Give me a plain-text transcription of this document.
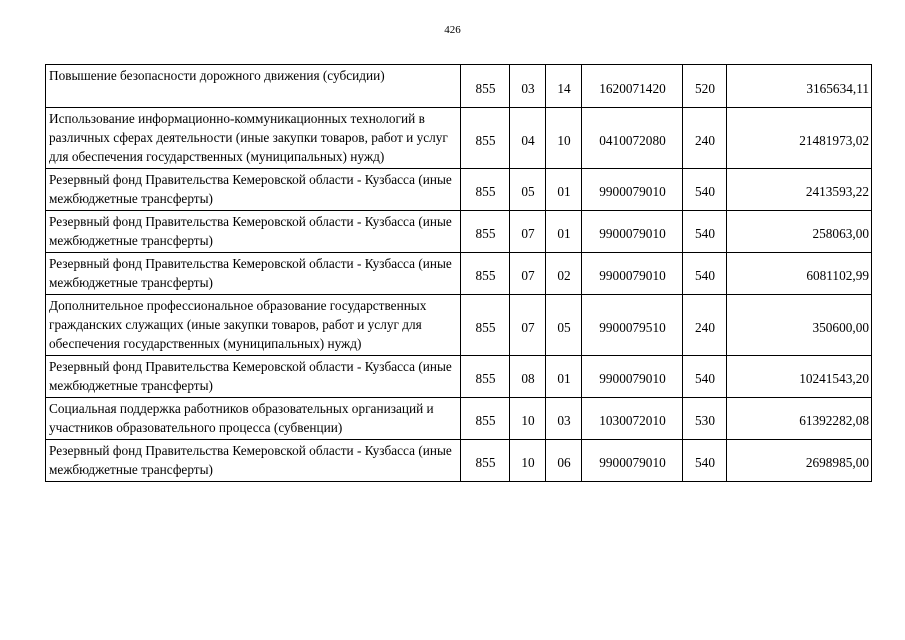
426
Повышение безопасности дорожного движения (субсидии)	855	03	14	1620071420	520	3165634,11
Использование информационно-коммуникационных технологий в различных сферах деятельности (иные закупки товаров, работ и услуг для обеспечения государственных (муниципальных) нужд)	855	04	10	0410072080	240	21481973,02
Резервный фонд Правительства Кемеровской области - Кузбасса (иные межбюджетные трансферты)	855	05	01	9900079010	540	2413593,22
Резервный фонд Правительства Кемеровской области - Кузбасса (иные межбюджетные трансферты)	855	07	01	9900079010	540	258063,00
Резервный фонд Правительства Кемеровской области - Кузбасса (иные межбюджетные трансферты)	855	07	02	9900079010	540	6081102,99
Дополнительное профессиональное образование государственных гражданских служащих (иные закупки товаров, работ и услуг для обеспечения государственных (муниципальных) нужд)	855	07	05	9900079510	240	350600,00
Резервный фонд Правительства Кемеровской области - Кузбасса (иные межбюджетные трансферты)	855	08	01	9900079010	540	10241543,20
Социальная поддержка работников образовательных организаций и участников образовательного процесса (субвенции)	855	10	03	1030072010	530	61392282,08
Резервный фонд Правительства Кемеровской области - Кузбасса (иные межбюджетные трансферты)	855	10	06	9900079010	540	2698985,00
